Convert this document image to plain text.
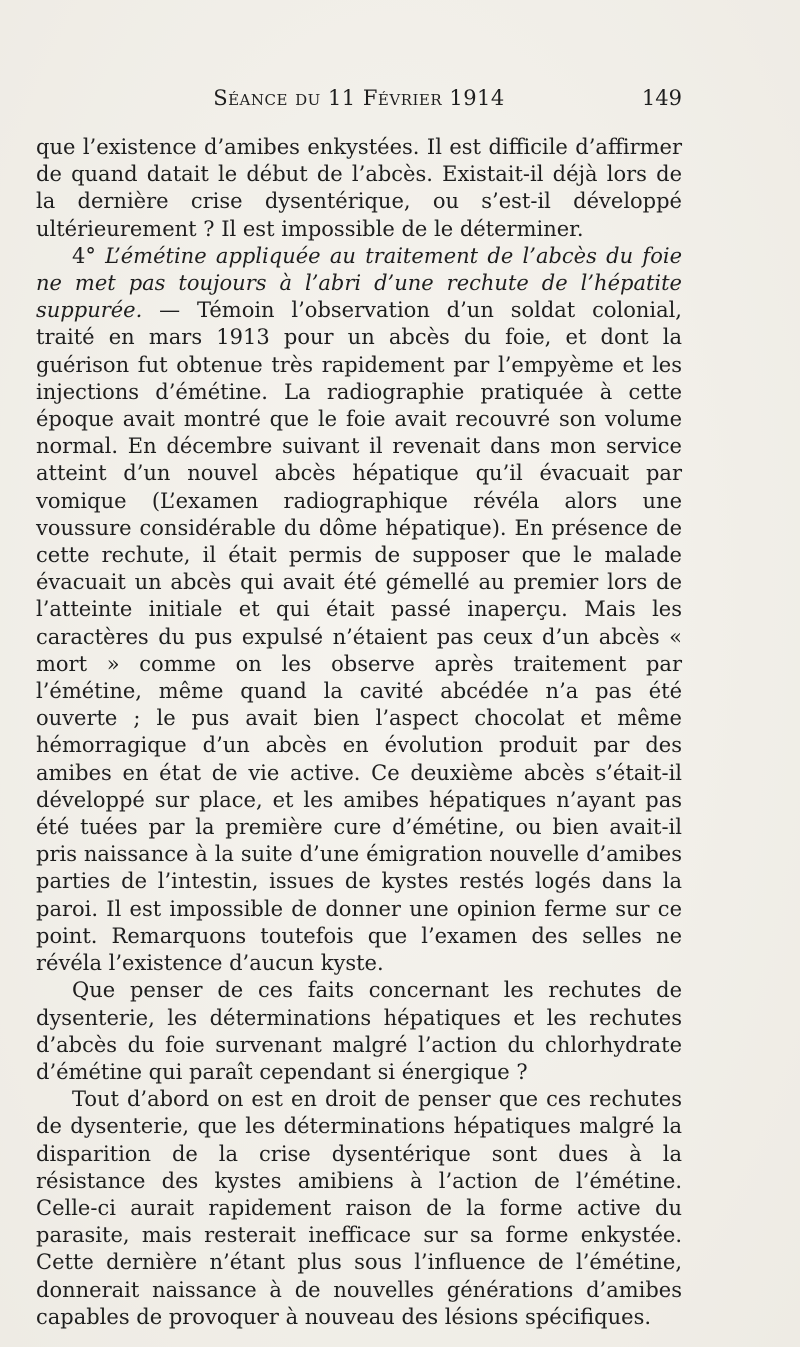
Séance du 11 Février 1914	149

que l’existence d’amibes enkystées. Il est difficile d’affirmer de quand datait le début de l’abcès. Existait-il déjà lors de la dernière crise dysentérique, ou s’est-il développé ultérieurement ? Il est impossible de le déterminer.

4° L’émétine appliquée au traitement de l’abcès du foie ne met pas toujours à l’abri d’une rechute de l’hépatite suppurée. — Témoin l’observation d’un soldat colonial, traité en mars 1913 pour un abcès du foie, et dont la guérison fut obtenue très rapidement par l’empyème et les injections d’émétine. La radiographie pratiquée à cette époque avait montré que le foie avait recouvré son volume normal. En décembre suivant il revenait dans mon service atteint d’un nouvel abcès hépatique qu’il évacuait par vomique (L’examen radiographique révéla alors une voussure considérable du dôme hépatique). En présence de cette rechute, il était permis de supposer que le malade évacuait un abcès qui avait été gémellé au premier lors de l’atteinte initiale et qui était passé inaperçu. Mais les caractères du pus expulsé n’étaient pas ceux d’un abcès « mort » comme on les observe après traitement par l’émétine, même quand la cavité abcédée n’a pas été ouverte ; le pus avait bien l’aspect chocolat et même hémorragique d’un abcès en évolution produit par des amibes en état de vie active. Ce deuxième abcès s’était-il développé sur place, et les amibes hépatiques n’ayant pas été tuées par la première cure d’émétine, ou bien avait-il pris naissance à la suite d’une émigration nouvelle d’amibes parties de l’intestin, issues de kystes restés logés dans la paroi. Il est impossible de donner une opinion ferme sur ce point. Remarquons toutefois que l’examen des selles ne révéla l’existence d’aucun kyste.

Que penser de ces faits concernant les rechutes de dysenterie, les déterminations hépatiques et les rechutes d’abcès du foie survenant malgré l’action du chlorhydrate d’émétine qui paraît cependant si énergique ?

Tout d’abord on est en droit de penser que ces rechutes de dysenterie, que les déterminations hépatiques malgré la disparition de la crise dysentérique sont dues à la résistance des kystes amibiens à l’action de l’émétine. Celle-ci aurait rapidement raison de la forme active du parasite, mais resterait inefficace sur sa forme enkystée. Cette dernière n’étant plus sous l’influence de l’émétine, donnerait naissance à de nouvelles générations d’amibes capables de provoquer à nouveau des lésions spécifiques.
